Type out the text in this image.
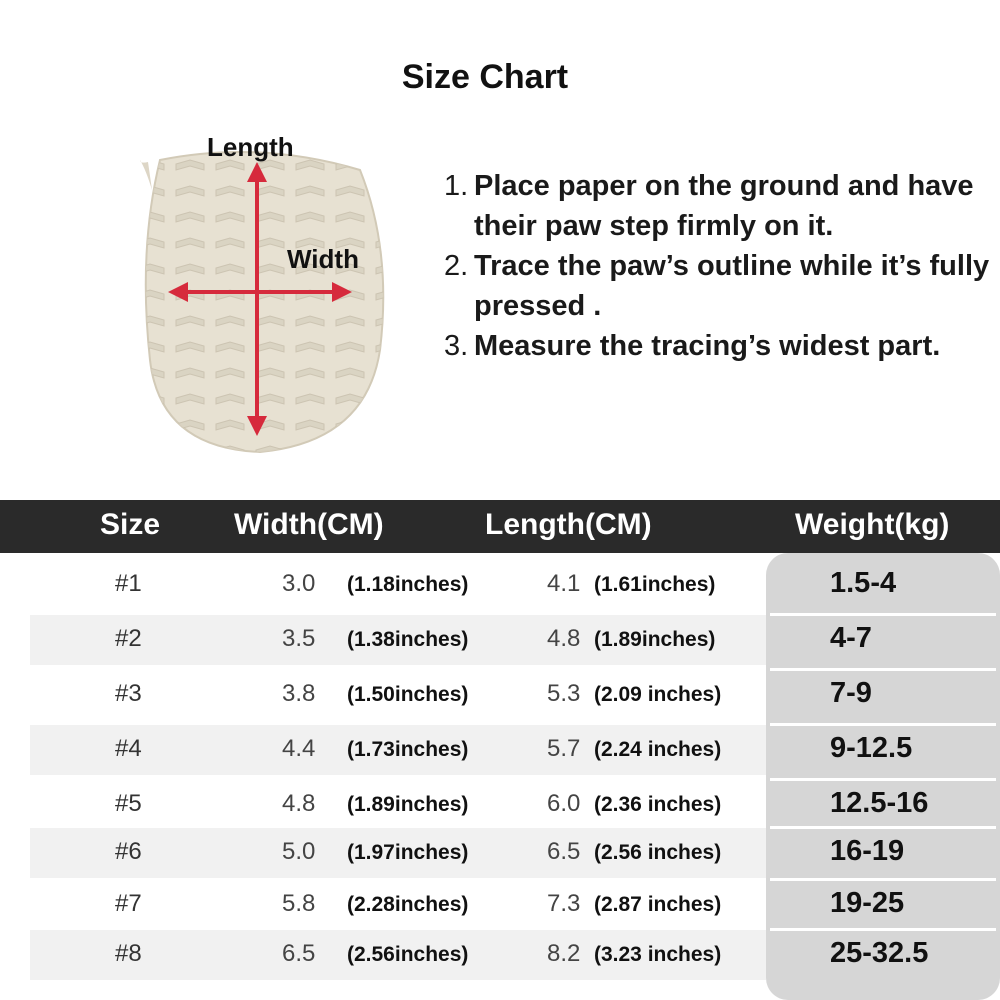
Size Chart
Length
Width
1. Place paper on the ground and have their paw step firmly on it.
2. Trace the paw’s outline while it’s fully pressed .
3. Measure the tracing’s widest part.
Size Width(CM)	Length(CM)	Weight(kg)
#1	3.0 (1.18inches)	4.1 (1.61inches)	1.5-4
#2	3.5 (1.38inches)	4.8 (1.89inches)	4-7
#3	3.8 (1.50inches)	5.3 (2.09 inches)	7-9
#4	4.4 (1.73inches)	5.7 (2.24 inches)	9-12.5
#5	4.8 (1.89inches)	6.0 (2.36 inches)	12.5-16
#6	5.0 (1.97inches)	6.5 (2.56 inches)	16-19
#7	5.8 (2.28inches)	7.3 (2.87 inches)	19-25
#8	6.5 (2.56inches)	8.2 (3.23 inches)	25-32.5
